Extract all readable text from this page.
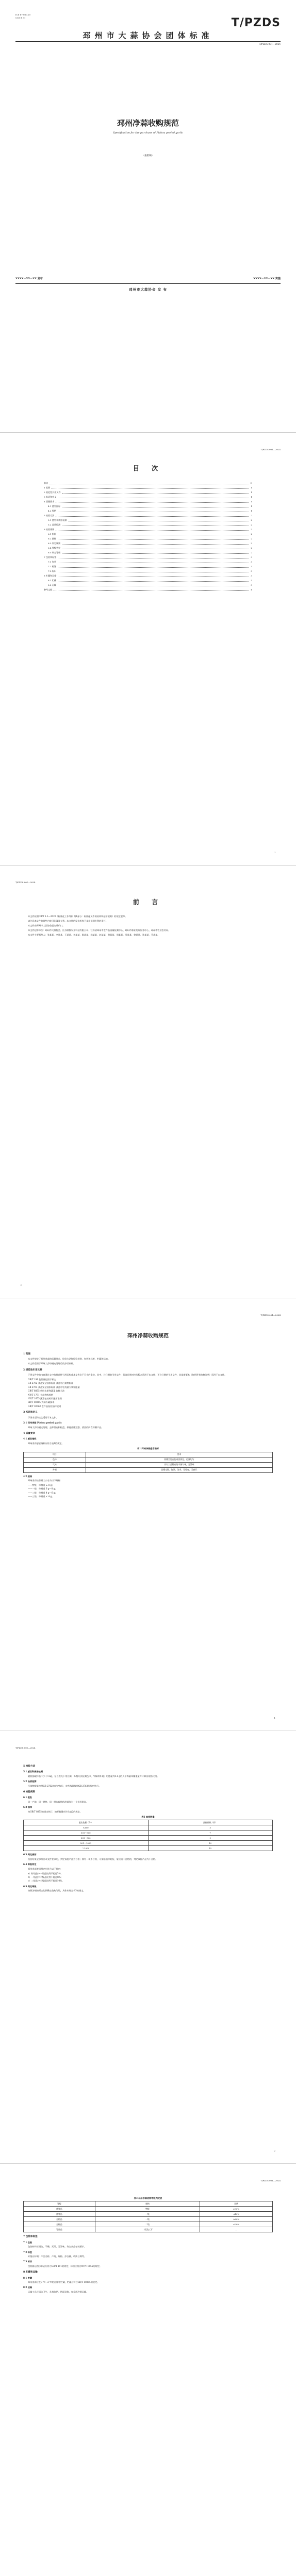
ICS 67.080.20
CCS B 31	T/PZDS
邳州市大蒜协会团体标准
T/PZDS 001—2024
邳州净蒜收购规范
Specification for the purchase of Pizhou peeled garlic
（报批稿）
XXXX－XX－XX 发布	XXXX－XX－XX 实施
邳州市大蒜协会 发 布
T/PZDS 001—2024
目 次
前言	II
1 范围	1
2 规范性引用文件	1
3 术语和定义	1
4 质量要求	1
4.1 感官指标	1
4.2 规格	1
5 检验方法	2
5.1 感官和规格检测	2
5.2 品质检测	2
6 检验规则	2
6.1 组批	2
6.2 抽样	2
6.3 判定规则	2
6.4 等级判定	2
6.5 判定等级	2
7 包装和标签	3
7.1 包装	3
7.2 标签	3
7.3 标识	3
8 贮藏和运输	3
8.1 贮藏	3
8.2 运输	3
参考文献	4
I
T/PZDS 001—2024
前 言

本文件按照GB/T 1.1—2020《标准化工作导则 第1部分：标准化文件的结构和起草规则》的规定起草。

请注意本文件的某些内容可能涉及专利。本文件的发布机构不承担识别专利的责任。

本文件由邳州市大蒜协会提出并归口。

本文件起草单位：邳州市大蒜协会、江苏蒜都农业科技有限公司、江苏省邳州市农产品质量检测中心、邳州市蒜业发展服务中心、邳州市农业农村局。

本文件主要起草人：张某某、李某某、王某某、刘某某、陈某某、杨某某、赵某某、黄某某、周某某、吴某某、徐某某、孙某某、马某某。

II
T/PZDS 001—2024
邳州净蒜收购规范
1 范围

本文件规定了邳州净蒜的质量要求、检验方法和检验规则、包装和标签、贮藏和运输。

本文件适用于邳州大蒜经剥皮处理后的净蒜收购。

2 规范性引用文件

下列文件中的内容通过文中的规范性引用而构成本文件必不可少的条款。其中，注日期的引用文件，仅该日期对应的版本适用于本文件；不注日期的引用文件，其最新版本（包括所有的修改单）适用于本文件。

GB/T 191 包装储运图示标志
GB 2762 食品安全国家标准 食品中污染物限量
GB 2763 食品安全国家标准 食品中农药最大残留限量
GB/T 8855 新鲜水果和蔬菜 取样方法
NY/T 1791 大蒜等级规格
NY/T 1655 蔬菜包装标识通用准则
SB/T 10285 大蒜冷藏技术
GB/T 30762 农产品检验抽样规则
3 术语和定义

下列术语和定义适用于本文件。

3.1 邳州净蒜 Pizhou peeled garlic

邳州大蒜经剥皮处理、去除蒜皮和根盘，保持蒜瓣完整、清洁的鲜食蒜瓣产品。

4 质量要求
4.1 感官指标

邳州净蒜感官指标应符合表1的规定。

表1 邳州净蒜感官指标
项目	要求
色泽	蒜瓣呈乳白色或淡黄色，色泽均匀
气味	具有大蒜特有的辛辣气味，无异味
外观	蒜瓣完整、饱满、洁净，无霉变、无腐烂
4.2 规格

邳州净蒜按蒜瓣大小分为以下规格：

——特级：单瓣重 ≥ 8 g；
——一级：单瓣重 6 g～8 g；
——二级：单瓣重 4 g～6 g；
——三级：单瓣重 < 4 g。
1
T/PZDS 001—2024
5 检验方法
5.1 感官和规格检测

随机抽取样品不少于1 kg，在自然光下用目测、鼻嗅方法检测色泽、气味和外观；用感量为0.1 g的天平称量单瓣重量并计算各规格比例。

5.2 品质检测

污染物限量按照GB 2762的规定执行，农药残留按照GB 2763的规定执行。

6 检验规则
6.1 组批

同一产地、同一规格、同一批次收购的净蒜作为一个检验批次。

6.2 抽样

按GB/T 8855的规定执行，抽样数量应符合表2的规定。

表2 抽样数量
批次数量（件）	抽样件数（件）
≤100	5
101～300	7
301～500	9
501～1000	10
＞1000	15
6.3 判定规则

检验结果全部符合本文件要求的，判定该批产品为合格；如有一项不合格，可加倍抽样复检，复检仍不合格的，判定该批产品为不合格。

6.4 等级判定

邳州净蒜等级判定应符合以下规定：

a）特级品中一级品比例不超过5%；
b）一级品中二级品比例不超过8%；
c）二级品中三级品比例不超过10%。
6.5 判定等级

按照各规格所占比例确定收购等级，具体应符合表3的规定。

2
T/PZDS 001—2024
表3 邳州净蒜收购等级判定表
等级	规格	比例
优等品	特级	≥90%
优等品	一级	≤10%
合格品	一级	≥80%
合格品	二级	≤20%
等外品	二级及以下	—
7 包装和标签
7.1 包装

包装材料应清洁、干燥、无毒、无异味，符合食品包装要求。

7.2 标签

标签应标明：产品名称、产地、规格、净含量、收购日期等。

7.3 标识

包装储运图示标志应符合GB/T 191的规定，标识应符合NY/T 1655的规定。

8 贮藏和运输
8.1 贮藏

邳州净蒜应在0 ℃～2 ℃的冷库中贮藏，贮藏应符合SB/T 10285的规定。

8.2 运输

运输工具应清洁卫生，具有防晒、防雨设施，宜采用冷链运输。
